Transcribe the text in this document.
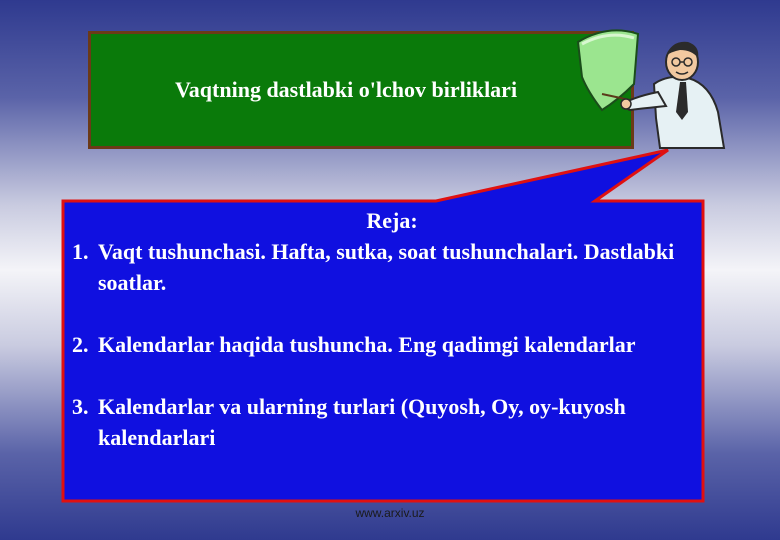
Vaqtning dastlabki o'lchov birliklari
Reja:
1. Vaqt tushunchasi. Hafta, sutka, soat tushunchalari. Dastlabki soatlar.
2. Kalendarlar haqida tushuncha. Eng qadimgi kalendarlar
3. Kalendarlar va ularning turlari (Quyosh, Oy, oy-kuyosh kalendarlari
www.arxiv.uz
